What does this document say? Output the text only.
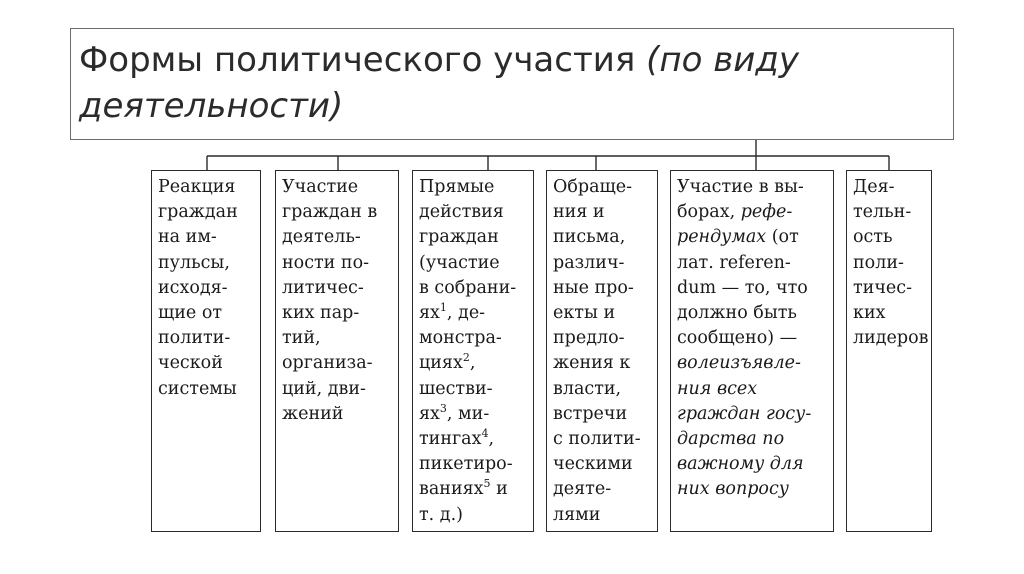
Формы политического участия (по виду деятельности)

Реакция
граждан
на им-
пульсы,
исходя-
щие от
полити-
ческой
системы

Участие
граждан в
деятель-
ности по-
литичес-
ких пар-
тий,
организа-
ций, дви-
жений

Прямые
действия
граждан
(участие
в собрани-
$ях^1$, де-
монстра-
циях$^2$,
шестви-
$ях^3$, ми-
тингах$^4$,
пикетиро-
ваниях$^5$ и
т. д.)

Обраще-
ния и
письма,
различ-
ные про-
екты и
предло-
жения к
власти,
встречи
с полити-
ческими
деяте-
лями

Участие в вы-
борах, рефе-
рендумах (от
лат. referen-
dum — то, что
должно быть
сообщено) —
волеизъявле-
ния всех
граждан госу-
дарства по
важному для
них вопросу

Дея-
тельн-
ость
поли-
тичес-
ких
лидеров
